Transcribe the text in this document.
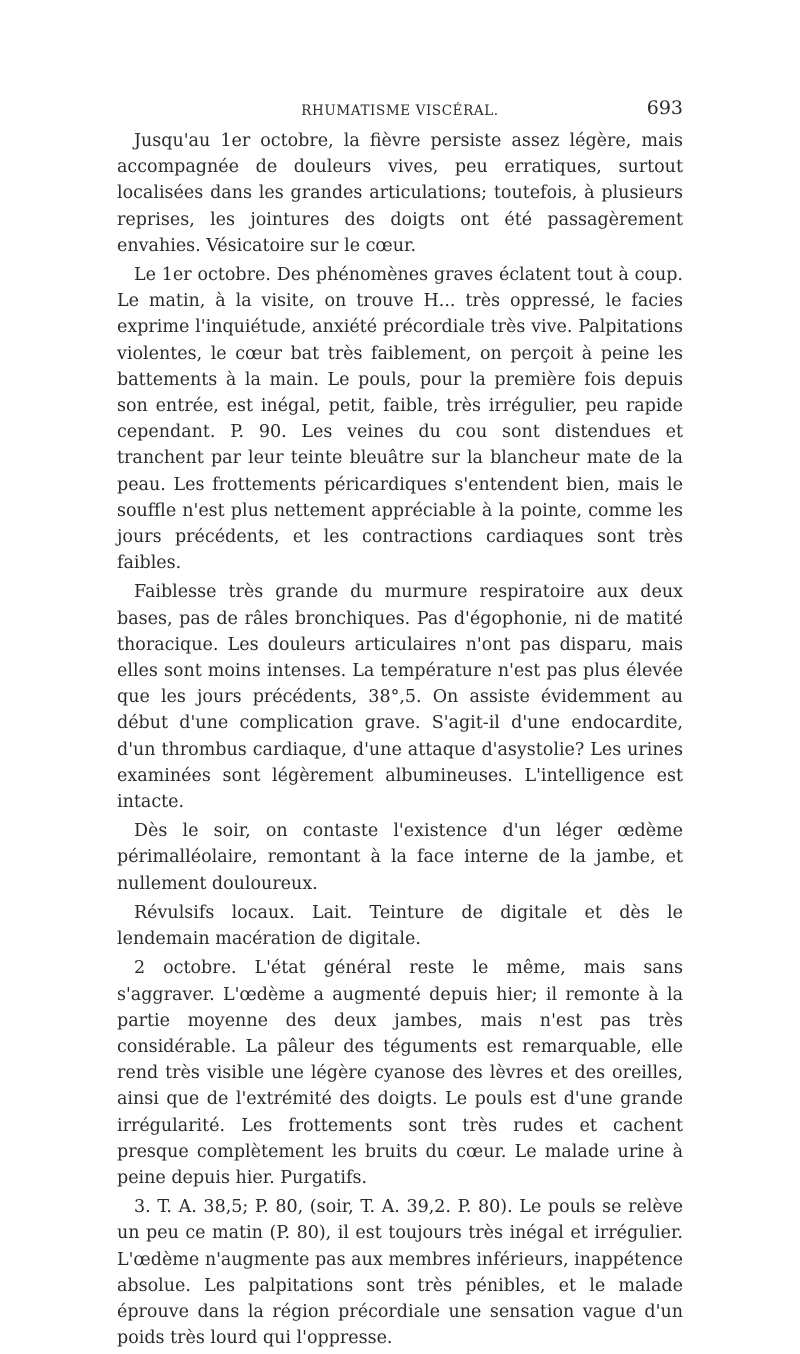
RHUMATISME VISCÉRAL.	693

Jusqu'au 1er octobre, la fièvre persiste assez légère, mais accompagnée de douleurs vives, peu erratiques, surtout localisées dans les grandes articulations; toutefois, à plusieurs reprises, les jointures des doigts ont été passagèrement envahies. Vésicatoire sur le cœur.

Le 1er octobre. Des phénomènes graves éclatent tout à coup. Le matin, à la visite, on trouve H... très oppressé, le facies exprime l'inquiétude, anxiété précordiale très vive. Palpitations violentes, le cœur bat très faiblement, on perçoit à peine les battements à la main. Le pouls, pour la première fois depuis son entrée, est inégal, petit, faible, très irrégulier, peu rapide cependant. P. 90. Les veines du cou sont distendues et tranchent par leur teinte bleuâtre sur la blancheur mate de la peau. Les frottements péricardiques s'entendent bien, mais le souffle n'est plus nettement appréciable à la pointe, comme les jours précédents, et les contractions cardiaques sont très faibles.

Faiblesse très grande du murmure respiratoire aux deux bases, pas de râles bronchiques. Pas d'égophonie, ni de matité thoracique. Les douleurs articulaires n'ont pas disparu, mais elles sont moins intenses. La température n'est pas plus élevée que les jours précédents, 38°,5. On assiste évidemment au début d'une complication grave. S'agit-il d'une endocardite, d'un thrombus cardiaque, d'une attaque d'asystolie? Les urines examinées sont légèrement albumineuses. L'intelligence est intacte.

Dès le soir, on contaste l'existence d'un léger œdème périmalléolaire, remontant à la face interne de la jambe, et nullement douloureux.

Révulsifs locaux. Lait. Teinture de digitale et dès le lendemain macération de digitale.

2 octobre. L'état général reste le même, mais sans s'aggraver. L'œdème a augmenté depuis hier; il remonte à la partie moyenne des deux jambes, mais n'est pas très considérable. La pâleur des téguments est remarquable, elle rend très visible une légère cyanose des lèvres et des oreilles, ainsi que de l'extrémité des doigts. Le pouls est d'une grande irrégularité. Les frottements sont très rudes et cachent presque complètement les bruits du cœur. Le malade urine à peine depuis hier. Purgatifs.

3. T. A. 38,5; P. 80, (soir, T. A. 39,2. P. 80). Le pouls se relève un peu ce matin (P. 80), il est toujours très inégal et irrégulier. L'œdème n'augmente pas aux membres inférieurs, inappétence absolue. Les palpitations sont très pénibles, et le malade éprouve dans la région précordiale une sensation vague d'un poids très lourd qui l'oppresse.
